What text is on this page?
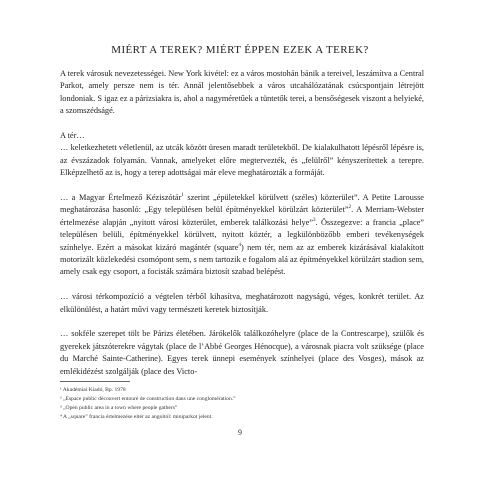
MIÉRT A TEREK? MIÉRT ÉPPEN EZEK A TEREK?

A terek városuk nevezetességei. New York kivétel: ez a város mostohán bánik a tereivel, leszámítva a Central Parkot, amely persze nem is tér. Annál jelentősebbek a város utcahálózatának csúcspontjain létrejött londoniak. S igaz ez a párizsiakra is, ahol a nagyméretűek a tüntetők terei, a bensőségesek viszont a helyieké, a szomszédságé.

A tér…
… keletkezhetett véletlenül, az utcák között üresen maradt területekből. De kialakulhatott lépésről lépésre is, az évszázadok folyamán. Vannak, amelyeket előre megtervezték, és „felülről” kényszerítettek a terepre. Elképzelhető az is, hogy a terep adottságai már eleve meghatározták a formáját.

… a Magyar Értelmező Kéziszótár$^1$ szerint „épületekkel körülvett (széles) közterület”. A Petite Larousse meghatározása hasonló: „Egy településen belül építményekkel körülzárt közterület”$^2$. A Merriam-Webster értelmezése alapján „nyitott városi közterület, emberek találkozási helye”$^3$. Összegezve: a francia „place” településen belüli, építményekkel körülvett, nyitott köztér, a legkülönbözőbb emberi tevékenységek színhelye. Ezért a másokat kizáró magántér (square$^4$) nem tér, nem az az emberek kizárásával kialakított motorizált közlekedési csomópont sem, s nem tartozik e fogalom alá az építményekkel körülzárt stadion sem, amely csak egy csoport, a focisták számára biztosít szabad belépést.

… városi térkompozíció a végtelen térből kihasítva, meghatározott nagyságú, véges, konkrét terület. Az elkülönülést, a határt művi vagy természeti keretek biztosítják.

… sokféle szerepet tölt be Párizs életében. Járókelők találkozóhelyre (place de la Contrescarpe), szülők és gyerekek játszóterekre vágytak (place de l’Abbé Georges Hénocque), a városnak piacra volt szüksége (place du Marché Sainte-Catherine). Egyes terek ünnepi események színhelyei (place des Vosges), mások az emlékidézést szolgálják (place des Victo-

¹ Akadémiai Kiadó, Bp. 1978
² „Espace public découvert entouré de construction dans une conglomération.”
³ „Open public area in a town where people gathers”
⁴ A „square” francia értelmezése eltér az angoltól: miniparkot jelent.
9
